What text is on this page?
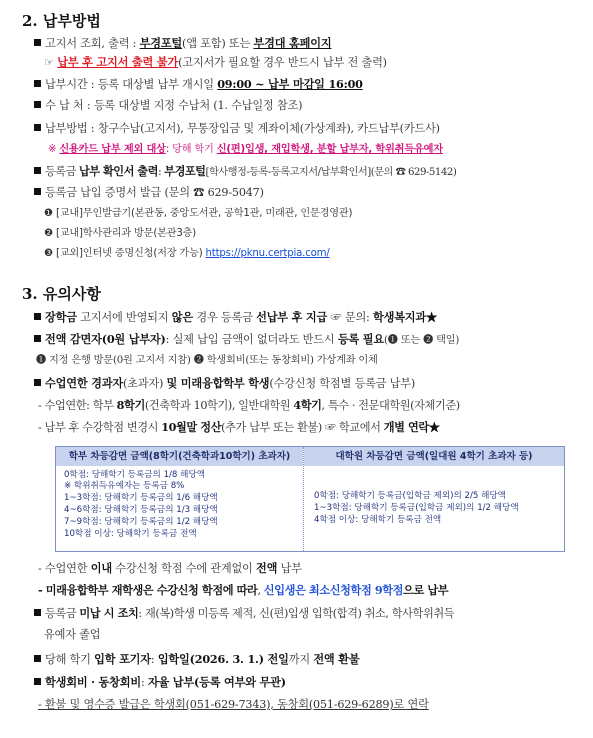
2. 납부방법
고지서 조회, 출력 : 부경포털(앱 포함) 또는 부경대 홈페이지
☞ 납부 후 고지서 출력 불가(고지서가 필요할 경우 반드시 납부 전 출력)
납부시간 : 등록 대상별 납부 개시일 09:00 ~ 납부 마감일 16:00
수 납 처 : 등록 대상별 지정 수납처 (1. 수납일정 참조)
납부방법 : 창구수납(고지서), 무통장입금 및 계좌이체(가상계좌), 카드납부(카드사)
※ 신용카드 납부 제외 대상: 당해 학기 신(편)입생, 재입학생, 분할 납부자, 학위취득유예자
등록금 납부 확인서 출력: 부경포털[학사행정-등록-등록고지서/납부확인서](문의 ☎ 629-5142)
등록금 납입 증명서 발급 (문의 ☎ 629-5047)
❶ [교내]무인발급기(본관동, 중앙도서관, 공학1관, 미래관, 인문경영관)
❷ [교내]학사관리과 방문(본관3층)
❸ [교외]인터넷 증명신청(저장 가능) https://pknu.certpia.com/
3. 유의사항
장학금 고지서에 반영되지 않은 경우 등록금 선납부 후 지급 ☞ 문의: 학생복지과★
전액 감면자(0원 납부자): 실제 납입 금액이 없더라도 반드시 등록 필요(❶ 또는 ❷ 택일)
❶ 지정 은행 방문(0원 고지서 지참) ❷ 학생회비(또는 동창회비) 가상계좌 이체
수업연한 경과자(초과자) 및 미래융합학부 학생(수강신청 학점별 등록금 납부)
- 수업연한: 학부 8학기(건축학과 10학기), 일반대학원 4학기, 특수 · 전문대학원(자체기준)
- 납부 후 수강학점 변경시 10월말 정산(추가 납부 또는 환불) ☞ 학교에서 개별 연락★
학부 차등감면 금액(8학기(건축학과10학기) 초과자)	대학원 차등감면 금액(일대원 4학기 초과자 등)
0학점: 당해학기 등록금의 1/8 해당액
※ 학위취득유예자는 등록금 8%
1~3학점: 당해학기 등록금의 1/6 해당액
4~6학점: 당해학기 등록금의 1/3 해당액
7~9학점: 당해학기 등록금의 1/2 해당액
10학점 이상: 당해학기 등록금 전액
0학점: 당해학기 등록금(입학금 제외)의 2/5 해당액
1~3학점: 당해학기 등록금(입학금 제외)의 1/2 해당액
4학점 이상: 당해학기 등록금 전액
- 수업연한 이내 수강신청 학점 수에 관계없이 전액 납부
- 미래융합학부 재학생은 수강신청 학점에 따라, 신입생은 최소신청학점 9학점으로 납부
등록금 미납 시 조치: 재(복)학생 미등록 제적, 신(편)입생 입학(합격) 취소, 학사학위취득
유예자 졸업
당해 학기 입학 포기자: 입학일(2026. 3. 1.) 전일까지 전액 환불
학생회비 · 동창회비: 자율 납부(등록 여부와 무관)
- 환불 및 영수증 발급은 학생회(051-629-7343), 동창회(051-629-6289)로 연락
